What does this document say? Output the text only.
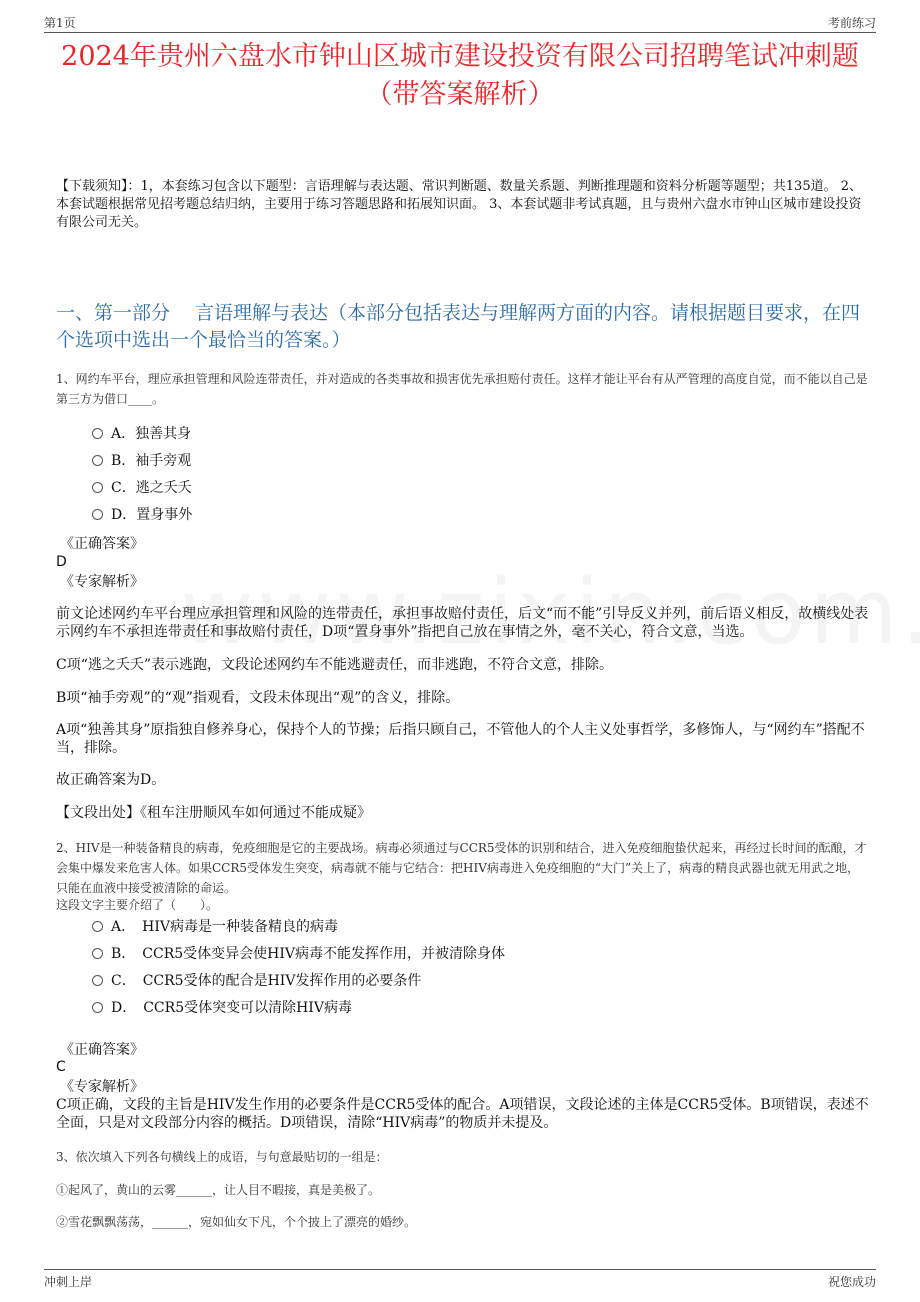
第1页	考前练习
2024年贵州六盘水市钟山区城市建设投资有限公司招聘笔试冲刺题（带答案解析）
【下载须知】：1，本套练习包含以下题型：言语理解与表达题、常识判断题、数量关系题、判断推理题和资料分析题等题型；共135道。 2、本套试题根据常见招考题总结归纳，主要用于练习答题思路和拓展知识面。 3、本套试题非考试真题，且与贵州六盘水市钟山区城市建设投资有限公司无关。
一、第一部分　 言语理解与表达（本部分包括表达与理解两方面的内容。请根据题目要求，在四个选项中选出一个最恰当的答案。）
1、网约车平台，理应承担管理和风险连带责任，并对造成的各类事故和损害优先承担赔付责任。这样才能让平台有从严管理的高度自觉，而不能以自己是第三方为借口____。
A．独善其身
B．袖手旁观
C．逃之夭夭
D．置身事外
《正确答案》
D
《专家解析》
前文论述网约车平台理应承担管理和风险的连带责任，承担事故赔付责任，后文“而不能”引导反义并列，前后语义相反，故横线处表示网约车不承担连带责任和事故赔付责任，D项“置身事外”指把自己放在事情之外，毫不关心，符合文意，当选。
C项“逃之夭夭”表示逃跑，文段论述网约车不能逃避责任，而非逃跑，不符合文意，排除。
B项“袖手旁观”的“观”指观看，文段未体现出“观”的含义，排除。
A项“独善其身”原指独自修养身心，保持个人的节操；后指只顾自己，不管他人的个人主义处事哲学，多修饰人，与“网约车”搭配不当，排除。
故正确答案为D。
【文段出处】《租车注册顺风车如何通过不能成疑》
2、HIV是一种装备精良的病毒，免疫细胞是它的主要战场。病毒必须通过与CCR5受体的识别和结合，进入免疫细胞蛰伏起来，再经过长时间的酝酿，才会集中爆发来危害人体。如果CCR5受体发生突变，病毒就不能与它结合：把HIV病毒进入免疫细胞的“大门”关上了，病毒的精良武器也就无用武之地，只能在血液中接受被清除的命运。
这段文字主要介绍了（　　）。
A．　HIV病毒是一种装备精良的病毒
B．　CCR5受体变异会使HIV病毒不能发挥作用，并被清除身体
C．　CCR5受体的配合是HIV发挥作用的必要条件
D．　CCR5受体突变可以清除HIV病毒
《正确答案》
C
《专家解析》
C项正确，文段的主旨是HIV发生作用的必要条件是CCR5受体的配合。A项错误，文段论述的主体是CCR5受体。B项错误，表述不全面，只是对文段部分内容的概括。D项错误，清除“HIV病毒”的物质并未提及。
3、依次填入下列各句横线上的成语，与句意最贴切的一组是：
①起风了，黄山的云雾______，让人目不暇接，真是美极了。
②雪花飘飘荡荡，______，宛如仙女下凡，个个披上了漂亮的婚纱。
冲刺上岸	祝您成功
